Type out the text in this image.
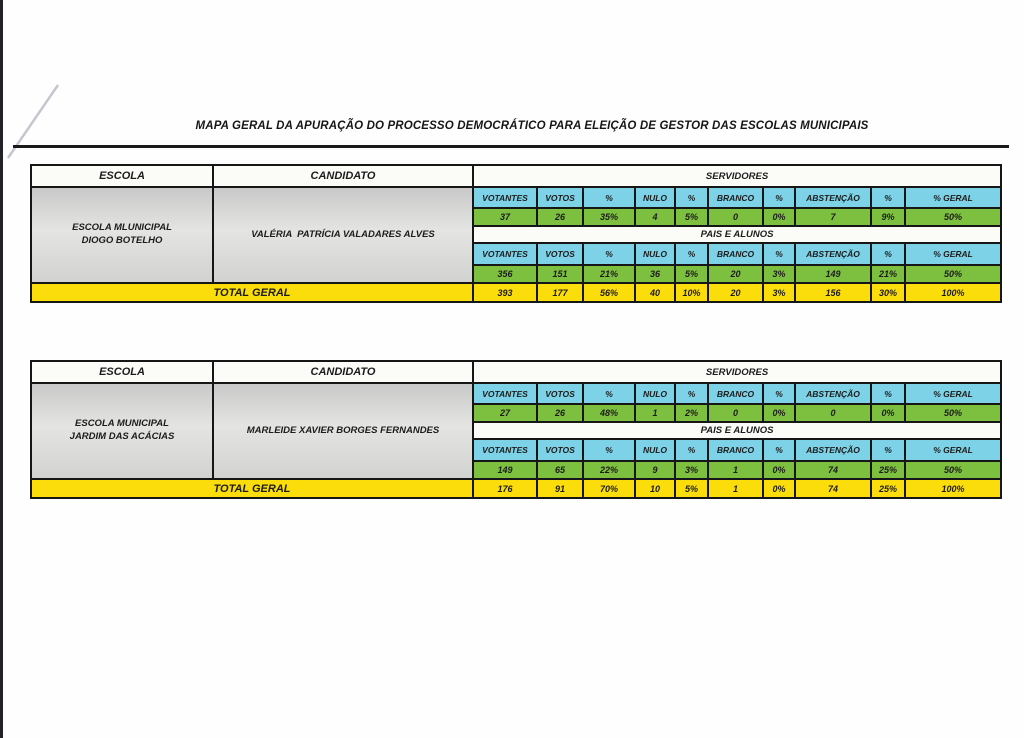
MAPA GERAL DA APURAÇÃO DO PROCESSO DEMOCRÁTICO PARA ELEIÇÃO DE GESTOR DAS ESCOLAS MUNICIPAIS
ESCOLA	CANDIDATO	SERVIDORES									

ESCOLA MLUNICIPAL
DIOGO BOTELHO	VALÉRIA  PATRÍCIA VALADARES ALVES	VOTANTES	VOTOS	%	NULO	%	BRANCO	%	ABSTENÇÃO	%	% GERAL
		37	26	35%	4	5%	0	0%	7	9%	50%
		PAIS E ALUNOS									
		VOTANTES	VOTOS	%	NULO	%	BRANCO	%	ABSTENÇÃO	%	% GERAL
		356	151	21%	36	5%	20	3%	149	21%	50%
TOTAL GERAL		393	177	56%	40	10%	20	3%	156	30%	100%
ESCOLA	CANDIDATO	SERVIDORES									

ESCOLA MUNICIPAL
JARDIM DAS ACÁCIAS	MARLEIDE XAVIER BORGES FERNANDES	VOTANTES	VOTOS	%	NULO	%	BRANCO	%	ABSTENÇÃO	%	% GERAL
		27	26	48%	1	2%	0	0%	0	0%	50%
		PAIS E ALUNOS									
		VOTANTES	VOTOS	%	NULO	%	BRANCO	%	ABSTENÇÃO	%	% GERAL
		149	65	22%	9	3%	1	0%	74	25%	50%
TOTAL GERAL		176	91	70%	10	5%	1	0%	74	25%	100%
